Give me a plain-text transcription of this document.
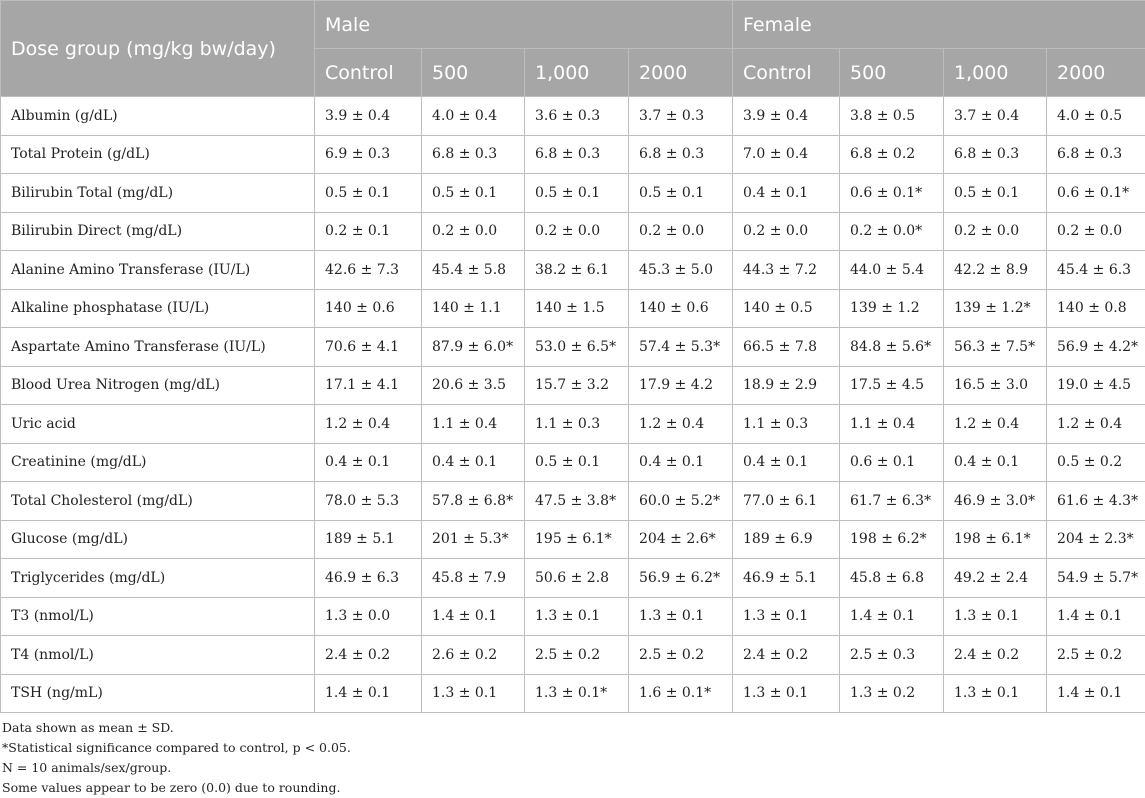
Dose group (mg/kg bw/day)	Male				Female			
	Control	500	1,000	2000	Control	500	1,000	2000
Albumin (g/dL)	3.9 ± 0.4	4.0 ± 0.4	3.6 ± 0.3	3.7 ± 0.3	3.9 ± 0.4	3.8 ± 0.5	3.7 ± 0.4	4.0 ± 0.5
Total Protein (g/dL)	6.9 ± 0.3	6.8 ± 0.3	6.8 ± 0.3	6.8 ± 0.3	7.0 ± 0.4	6.8 ± 0.2	6.8 ± 0.3	6.8 ± 0.3
Bilirubin Total (mg/dL)	0.5 ± 0.1	0.5 ± 0.1	0.5 ± 0.1	0.5 ± 0.1	0.4 ± 0.1	0.6 ± 0.1*	0.5 ± 0.1	0.6 ± 0.1*
Bilirubin Direct (mg/dL)	0.2 ± 0.1	0.2 ± 0.0	0.2 ± 0.0	0.2 ± 0.0	0.2 ± 0.0	0.2 ± 0.0*	0.2 ± 0.0	0.2 ± 0.0
Alanine Amino Transferase (IU/L)	42.6 ± 7.3	45.4 ± 5.8	38.2 ± 6.1	45.3 ± 5.0	44.3 ± 7.2	44.0 ± 5.4	42.2 ± 8.9	45.4 ± 6.3
Alkaline phosphatase (IU/L)	140 ± 0.6	140 ± 1.1	140 ± 1.5	140 ± 0.6	140 ± 0.5	139 ± 1.2	139 ± 1.2*	140 ± 0.8
Aspartate Amino Transferase (IU/L)	70.6 ± 4.1	87.9 ± 6.0*	53.0 ± 6.5*	57.4 ± 5.3*	66.5 ± 7.8	84.8 ± 5.6*	56.3 ± 7.5*	56.9 ± 4.2*
Blood Urea Nitrogen (mg/dL)	17.1 ± 4.1	20.6 ± 3.5	15.7 ± 3.2	17.9 ± 4.2	18.9 ± 2.9	17.5 ± 4.5	16.5 ± 3.0	19.0 ± 4.5
Uric acid	1.2 ± 0.4	1.1 ± 0.4	1.1 ± 0.3	1.2 ± 0.4	1.1 ± 0.3	1.1 ± 0.4	1.2 ± 0.4	1.2 ± 0.4
Creatinine (mg/dL)	0.4 ± 0.1	0.4 ± 0.1	0.5 ± 0.1	0.4 ± 0.1	0.4 ± 0.1	0.6 ± 0.1	0.4 ± 0.1	0.5 ± 0.2
Total Cholesterol (mg/dL)	78.0 ± 5.3	57.8 ± 6.8*	47.5 ± 3.8*	60.0 ± 5.2*	77.0 ± 6.1	61.7 ± 6.3*	46.9 ± 3.0*	61.6 ± 4.3*
Glucose (mg/dL)	189 ± 5.1	201 ± 5.3*	195 ± 6.1*	204 ± 2.6*	189 ± 6.9	198 ± 6.2*	198 ± 6.1*	204 ± 2.3*
Triglycerides (mg/dL)	46.9 ± 6.3	45.8 ± 7.9	50.6 ± 2.8	56.9 ± 6.2*	46.9 ± 5.1	45.8 ± 6.8	49.2 ± 2.4	54.9 ± 5.7*
T3 (nmol/L)	1.3 ± 0.0	1.4 ± 0.1	1.3 ± 0.1	1.3 ± 0.1	1.3 ± 0.1	1.4 ± 0.1	1.3 ± 0.1	1.4 ± 0.1
T4 (nmol/L)	2.4 ± 0.2	2.6 ± 0.2	2.5 ± 0.2	2.5 ± 0.2	2.4 ± 0.2	2.5 ± 0.3	2.4 ± 0.2	2.5 ± 0.2
TSH (ng/mL)	1.4 ± 0.1	1.3 ± 0.1	1.3 ± 0.1*	1.6 ± 0.1*	1.3 ± 0.1	1.3 ± 0.2	1.3 ± 0.1	1.4 ± 0.1
Data shown as mean ± SD.
*Statistical significance compared to control, p < 0.05.
N = 10 animals/sex/group.
Some values appear to be zero (0.0) due to rounding.
